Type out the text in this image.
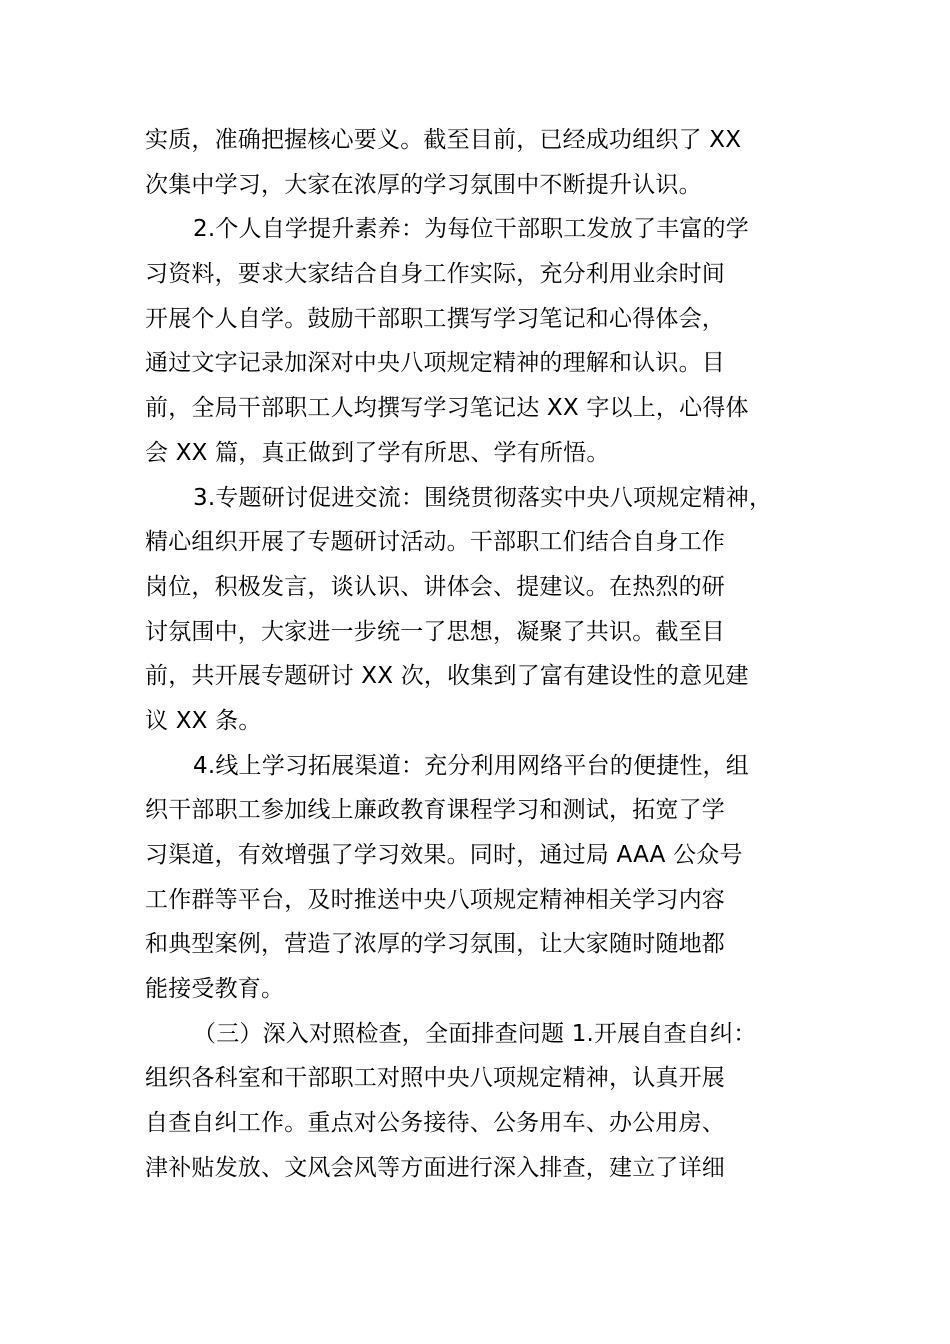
实质，准确把握核心要义。截至目前，已经成功组织了 XX
次集中学习，大家在浓厚的学习氛围中不断提升认识。
2.个人自学提升素养：为每位干部职工发放了丰富的学
习资料，要求大家结合自身工作实际，充分利用业余时间
开展个人自学。鼓励干部职工撰写学习笔记和心得体会，
通过文字记录加深对中央八项规定精神的理解和认识。目
前，全局干部职工人均撰写学习笔记达 XX 字以上，心得体
会 XX 篇，真正做到了学有所思、学有所悟。
3.专题研讨促进交流：围绕贯彻落实中央八项规定精神，
精心组织开展了专题研讨活动。干部职工们结合自身工作
岗位，积极发言，谈认识、讲体会、提建议。在热烈的研
讨氛围中，大家进一步统一了思想，凝聚了共识。截至目
前，共开展专题研讨 XX 次，收集到了富有建设性的意见建
议 XX 条。
4.线上学习拓展渠道：充分利用网络平台的便捷性，组
织干部职工参加线上廉政教育课程学习和测试，拓宽了学
习渠道，有效增强了学习效果。同时，通过局 AAA 公众号
工作群等平台，及时推送中央八项规定精神相关学习内容
和典型案例，营造了浓厚的学习氛围，让大家随时随地都
能接受教育。
（三）深入对照检查，全面排查问题 1.开展自查自纠：
组织各科室和干部职工对照中央八项规定精神，认真开展
自查自纠工作。重点对公务接待、公务用车、办公用房、
津补贴发放、文风会风等方面进行深入排查，建立了详细
